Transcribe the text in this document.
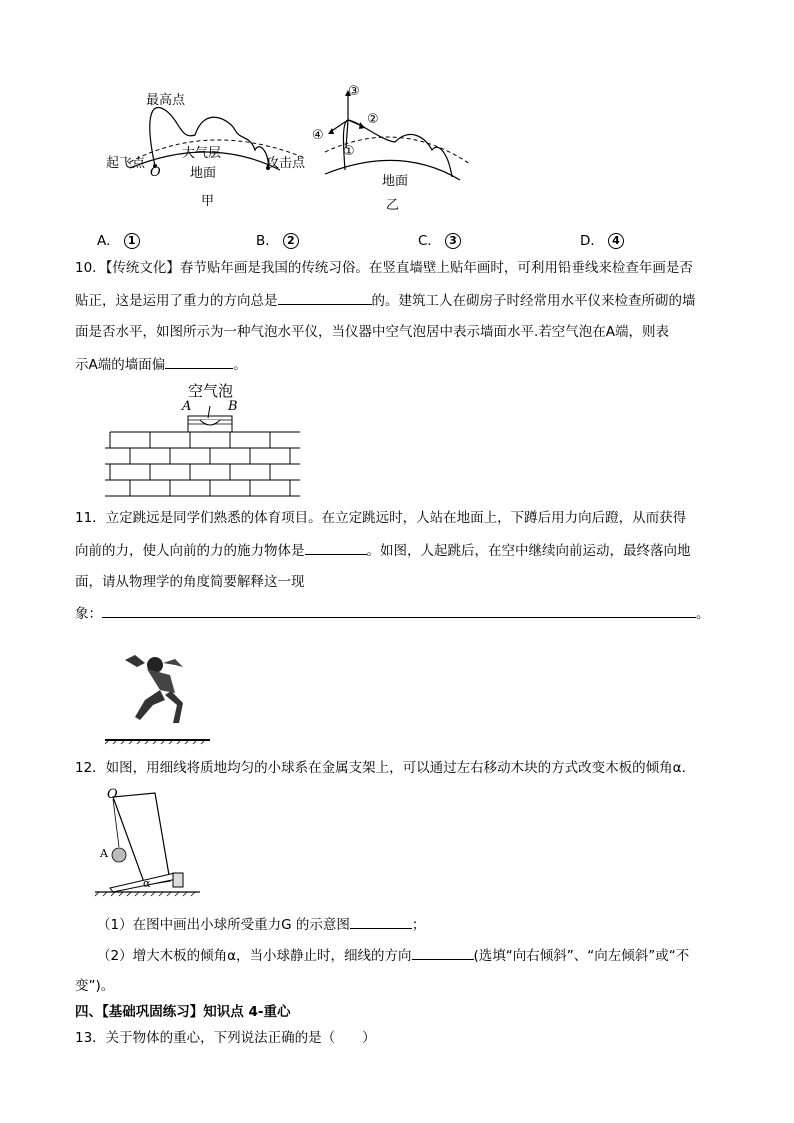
最高点
起飞点
O
大气层
地面
攻击点
甲
③
②
④
①
地面
乙
A． 1	B． 2	C． 3	D． 4
10．【传统文化】春节贴年画是我国的传统习俗。在竖直墙壁上贴年画时，可利用铅垂线来检查年画是否
贴正，这是运用了重力的方向总是	的。建筑工人在砌房子时经常用水平仪来检查所砌的墙
面是否水平，如图所示为一种气泡水平仪，当仪器中空气泡居中表示墙面水平.若空气泡在A端，则表
示A端的墙面偏	。
空气泡
A	B
11．立定跳远是同学们熟悉的体育项目。在立定跳远时，人站在地面上，下蹲后用力向后蹬，从而获得
向前的力，使人向前的力的施力物体是	。如图，人起跳后，在空中继续向前运动，最终落向地
面，请从物理学的角度简要解释这一现
象：	。
12．如图，用细线将质地均匀的小球系在金属支架上，可以通过左右移动木块的方式改变木板的倾角α.
O
A
α
（1）在图中画出小球所受重力G 的示意图	；
（2）增大木板的倾角α，当小球静止时，细线的方向	(选填“向右倾斜”、“向左倾斜”或“不
变”)。
四、【基础巩固练习】知识点 4-重心
13．关于物体的重心，下列说法正确的是（　　）
